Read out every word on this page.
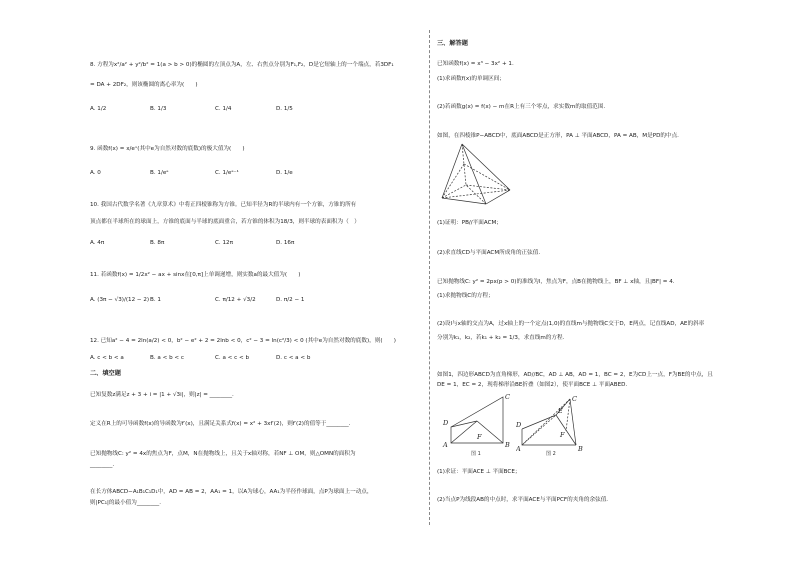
8. 方程为x²/a² + y²/b² = 1(a > b > 0)的椭圆的左顶点为A，左、右焦点分别为F₁,F₂，D是它短轴上的一个端点，若3DF₁
= DA + 2DF₂，则该椭圆的离心率为(　　)
A. 1/2	B. 1/3	C. 1/4	D. 1/5
9. 函数f(x) = x/eˣ(其中e为自然对数的底数)的极大值为(　　)
A. 0	B. 1/eᵉ	C. 1/eᵉ⁻¹	D. 1/e
10. 我国古代数学名著《九章算术》中将正四棱锥称为方锥。已知半径为R的半球内有一个方锥，方锥的所有
顶点都在半球所在的球面上，方锥的底面与半球的底面重合，若方锥的体积为18/3，则半球的表面积为（　）
A. 4π	B. 8π	C. 12π	D. 16π
11. 若函数f(x) = 1/2x² − ax + sinx在[0,π]上单调递增，则实数a的最大值为(　　)
A. (3π − √3)/(12 − 2) B. 1	C. π/12 + √3/2	D. π/2 − 1
12. 已知a² − 4 = 2ln(a/2) < 0，b² − e² + 2 = 2lnb < 0，c² − 3 = ln(c²/3) < 0 (其中e为自然对数的底数)，则(　　)
A. c < b < a	B. a < b < c	C. a < c < b	D. c < a < b
二、填空题
已知复数z满足z + 3 + i = |1 + √3i|，则|z| = ________.
定义在R上的可导函数f(x)的导函数为f′(x)，且满足关系式f(x) = x² + 3xf′(2)，则f′(2)的值等于________.
已知抛物线C: y² = 4x的焦点为F，点M，N在抛物线上，且关于x轴对称，若NF ⊥ OM，则△OMN的面积为
________.
在长方体ABCD−A₁B₁C₁D₁中，AD = AB = 2，AA₁ = 1，以A为球心，AA₁为半径作球面，点P为球面上一动点，
则|PC₁|的最小值为________.
三、解答题
已知函数f(x) = x³ − 3x² + 1.
(1)求函数f(x)的单调区间；
(2)若函数g(x) = f(x) − m在R上有三个零点，求实数m的取值范围.
如图，在四棱锥P−ABCD中，底面ABCD是正方形，PA ⊥ 平面ABCD，PA = AB，M是PD的中点.
(1)证明：PB//平面ACM；
(2)求直线CD与平面ACM所成角的正弦值.
已知抛物线C: y² = 2px(p > 0)的准线为l，焦点为F，点B在抛物线上，BF ⊥ x轴，且|BF| = 4.
(1)求抛物线C的方程；
(2)设l与x轴的交点为A，过x轴上的一个定点(1,0)的直线m与抛物线C交于D，E两点，记直线AD，AE的斜率
分别为k₁，k₂，若k₁ + k₂ = 1/3，求直线m的方程.
如图1，四边形ABCD为直角梯形，AD//BC，AD ⊥ AB，AD = 1，BC = 2，E为CD上一点，F为BE的中点，且
DE = 1，EC = 2，现将梯形沿BE折叠（如图2），使平面BCE ⊥ 平面ABED.
D
A
F
B
C
图 1
D
A
E
C
F
B
图 2
(1)求证：平面ACE ⊥ 平面BCE；
(2)当点P为线段AB的中点时，求平面ACE与平面PCF的夹角的余弦值.
